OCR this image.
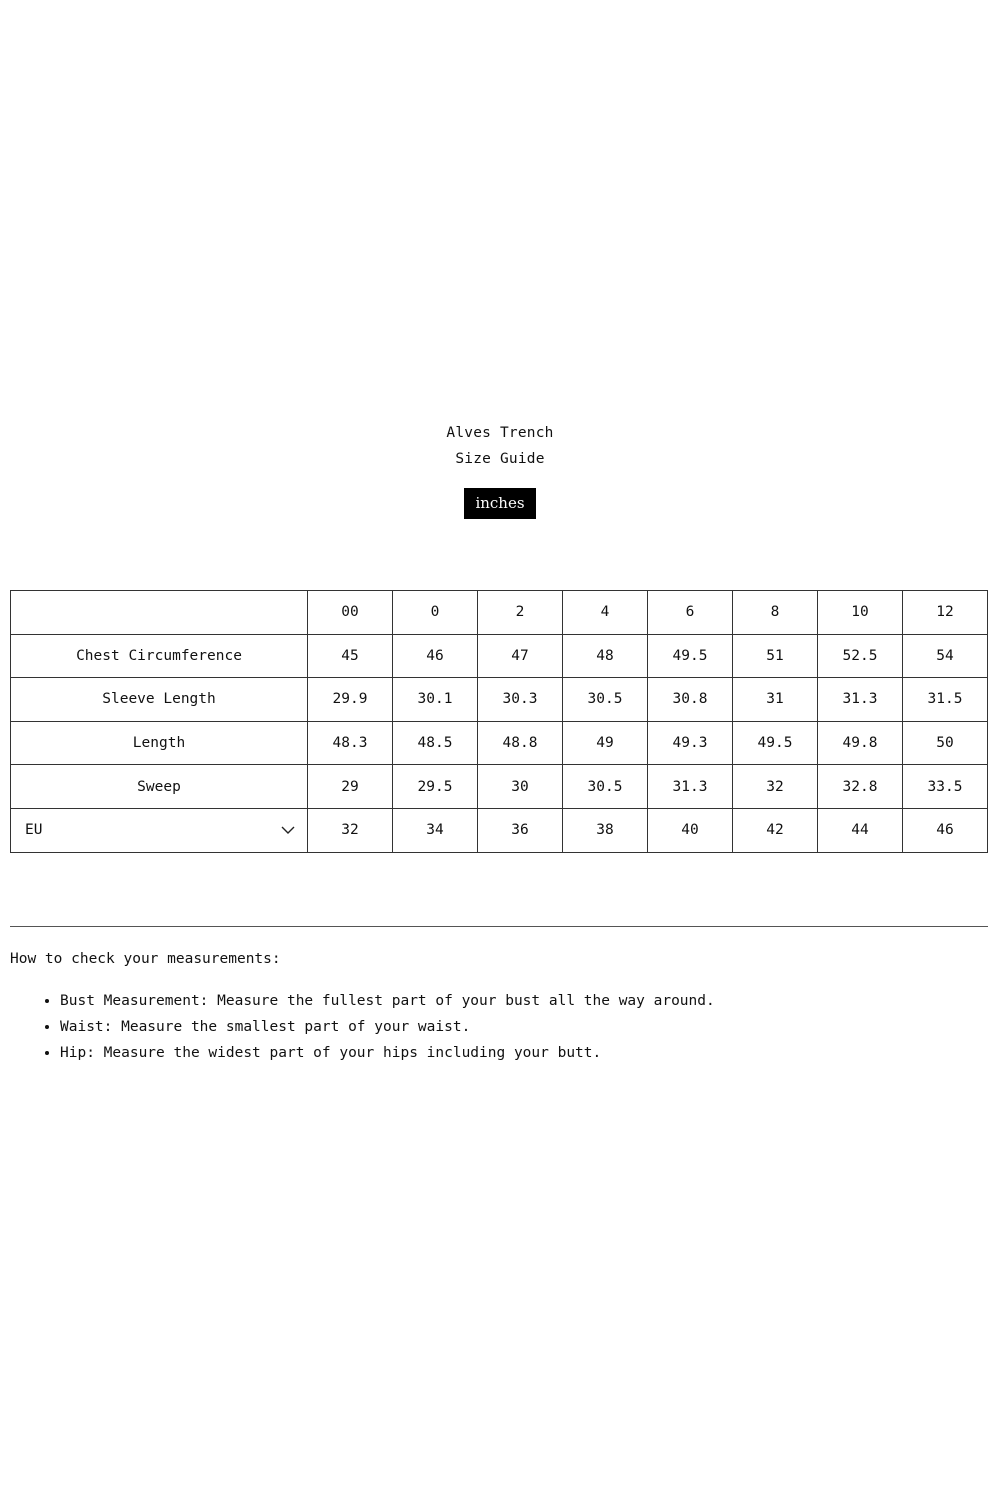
Alves Trench
Size Guide
inches
	00	0	2	4	6	8	10	12
Chest Circumference	45	46	47	48	49.5	51	52.5	54
Sleeve Length	29.9	30.1	30.3	30.5	30.8	31	31.3	31.5
Length	48.3	48.5	48.8	49	49.3	49.5	49.8	50
Sweep	29	29.5	30	30.5	31.3	32	32.8	33.5
EU	32	34	36	38	40	42	44	46
How to check your measurements:
• Bust Measurement: Measure the fullest part of your bust all the way around.
• Waist: Measure the smallest part of your waist.
• Hip: Measure the widest part of your hips including your butt.
